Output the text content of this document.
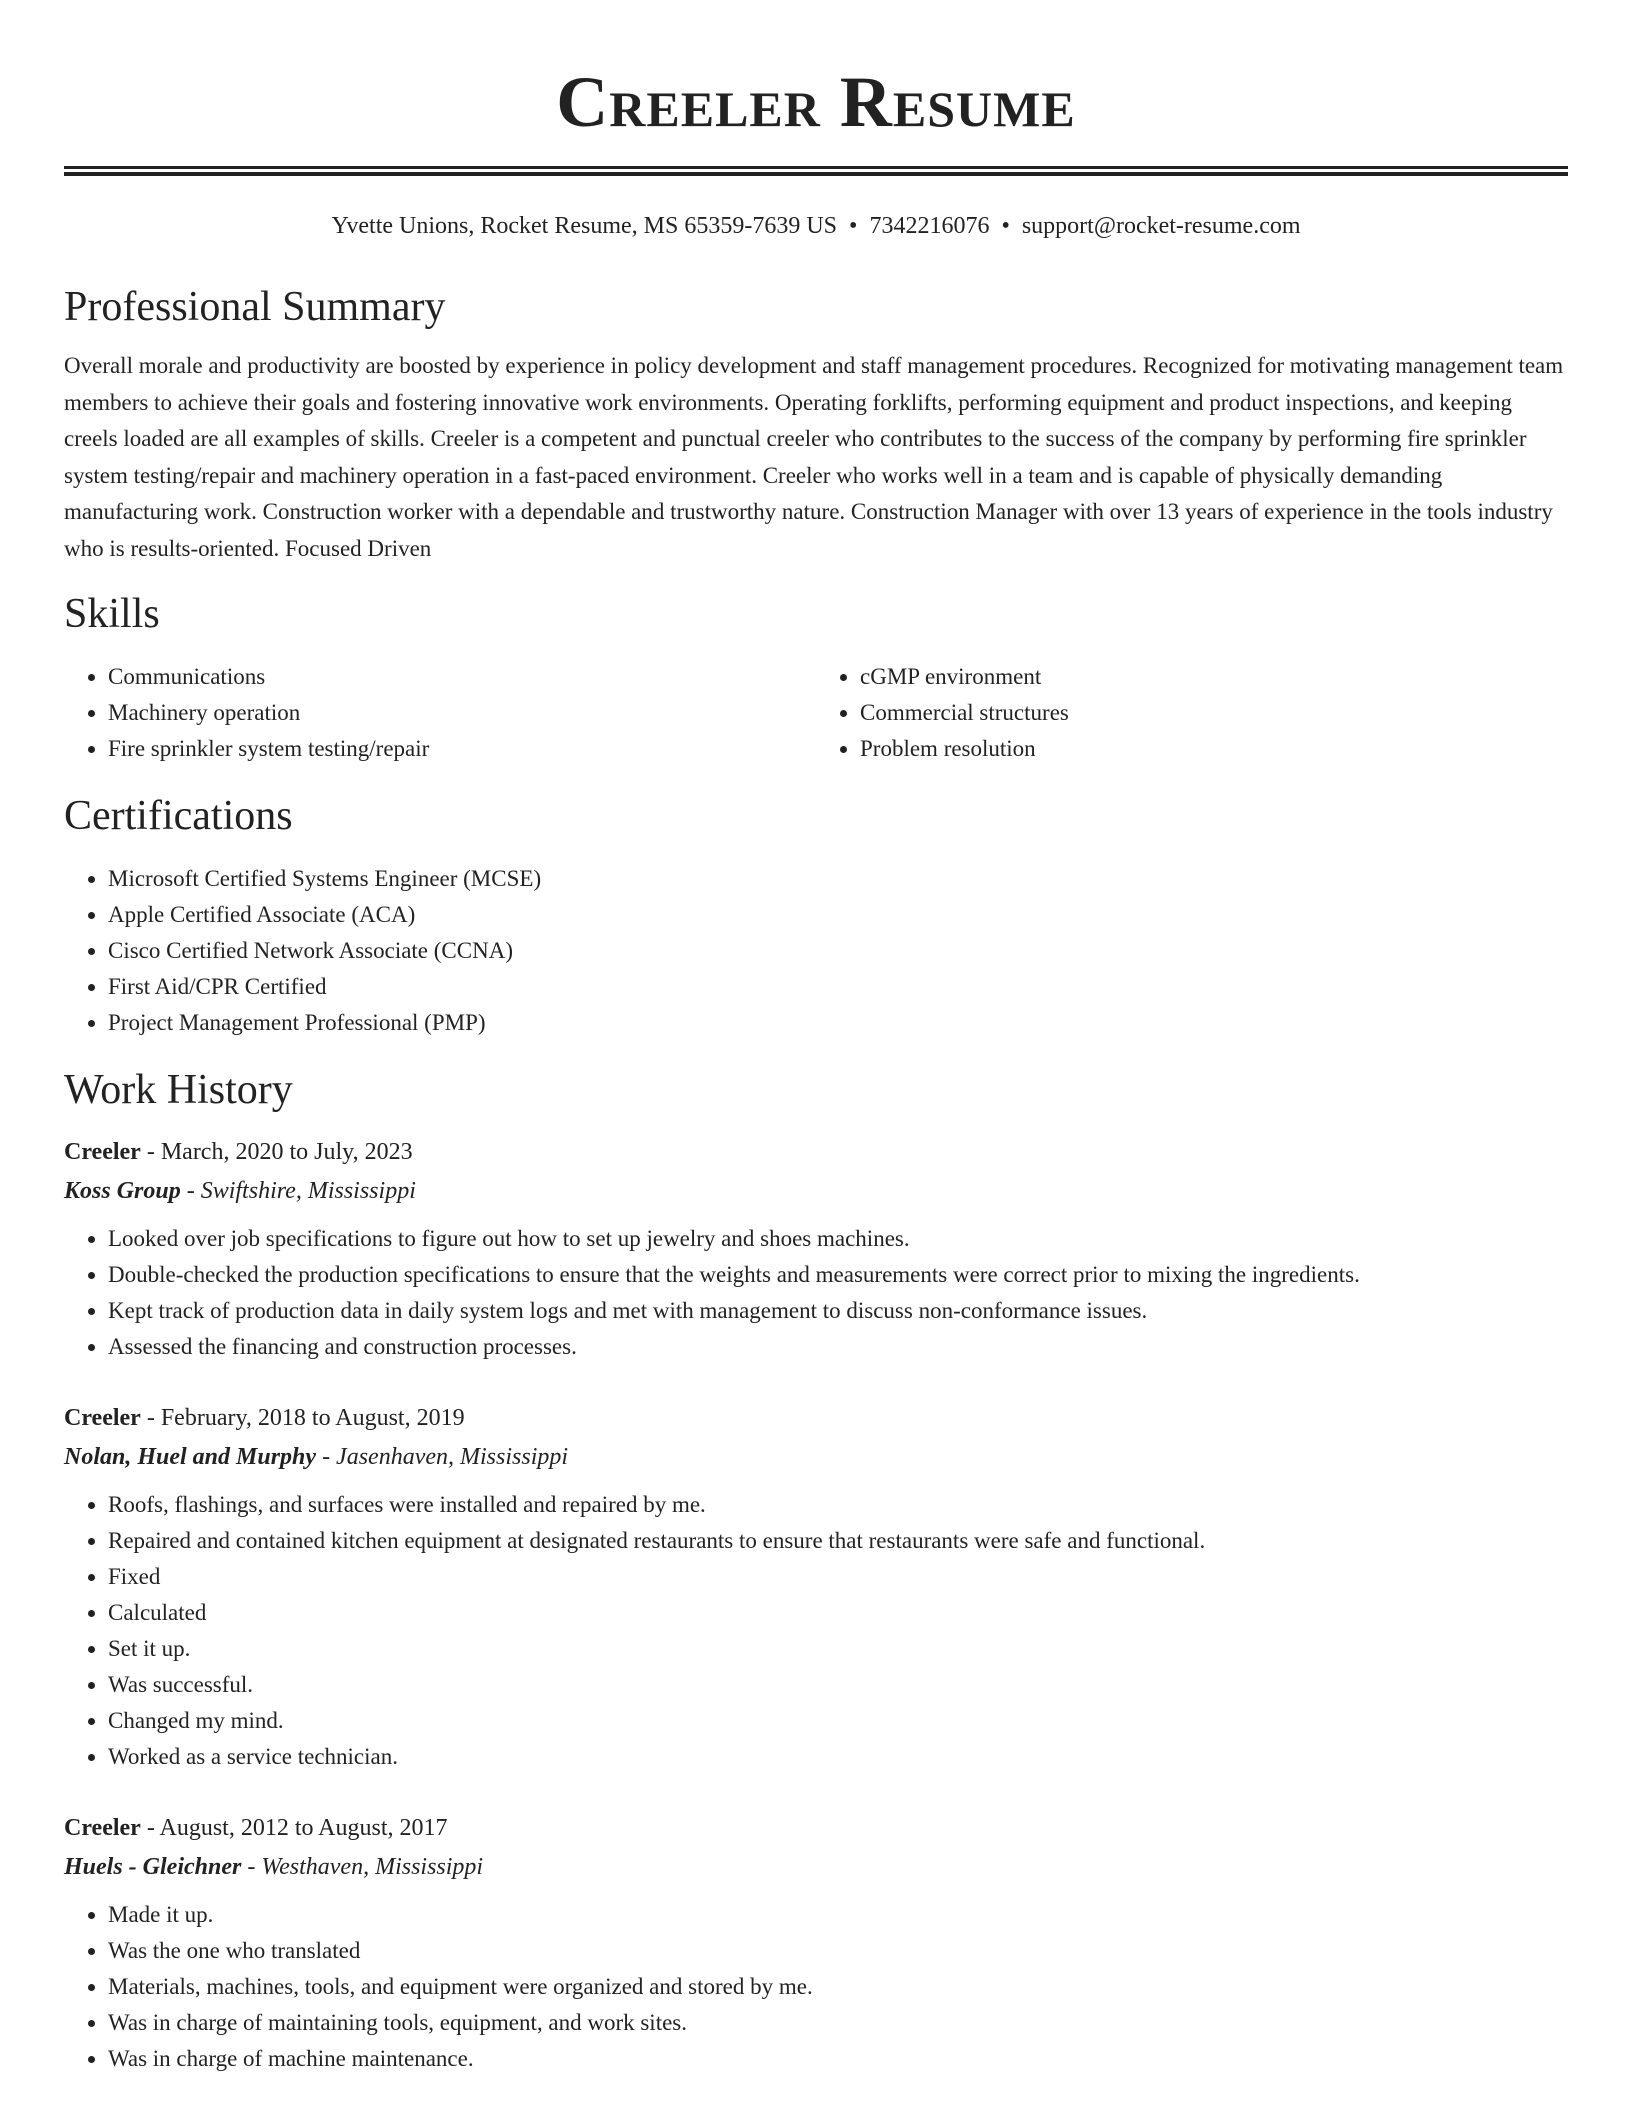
Creeler Resume
Yvette Unions, Rocket Resume, MS 65359-7639 US • 7342216076 • support@rocket-resume.com
Professional Summary

Overall morale and productivity are boosted by experience in policy development and staff management procedures. Recognized for motivating management team members to achieve their goals and fostering innovative work environments. Operating forklifts, performing equipment and product inspections, and keeping creels loaded are all examples of skills. Creeler is a competent and punctual creeler who contributes to the success of the company by performing fire sprinkler system testing/repair and machinery operation in a fast-paced environment. Creeler who works well in a team and is capable of physically demanding manufacturing work. Construction worker with a dependable and trustworthy nature. Construction Manager with over 13 years of experience in the tools industry who is results-oriented. Focused Driven

Skills
• Communications
• Machinery operation
• Fire sprinkler system testing/repair
• cGMP environment
• Commercial structures
• Problem resolution
Certifications
• Microsoft Certified Systems Engineer (MCSE)
• Apple Certified Associate (ACA)
• Cisco Certified Network Associate (CCNA)
• First Aid/CPR Certified
• Project Management Professional (PMP)
Work History
Creeler - March, 2020 to July, 2023
Koss Group - Swiftshire, Mississippi
• Looked over job specifications to figure out how to set up jewelry and shoes machines.
• Double-checked the production specifications to ensure that the weights and measurements were correct prior to mixing the ingredients.
• Kept track of production data in daily system logs and met with management to discuss non-conformance issues.
• Assessed the financing and construction processes.
Creeler - February, 2018 to August, 2019
Nolan, Huel and Murphy - Jasenhaven, Mississippi
• Roofs, flashings, and surfaces were installed and repaired by me.
• Repaired and contained kitchen equipment at designated restaurants to ensure that restaurants were safe and functional.
• Fixed
• Calculated
• Set it up.
• Was successful.
• Changed my mind.
• Worked as a service technician.
Creeler - August, 2012 to August, 2017
Huels - Gleichner - Westhaven, Mississippi
• Made it up.
• Was the one who translated
• Materials, machines, tools, and equipment were organized and stored by me.
• Was in charge of maintaining tools, equipment, and work sites.
• Was in charge of machine maintenance.
